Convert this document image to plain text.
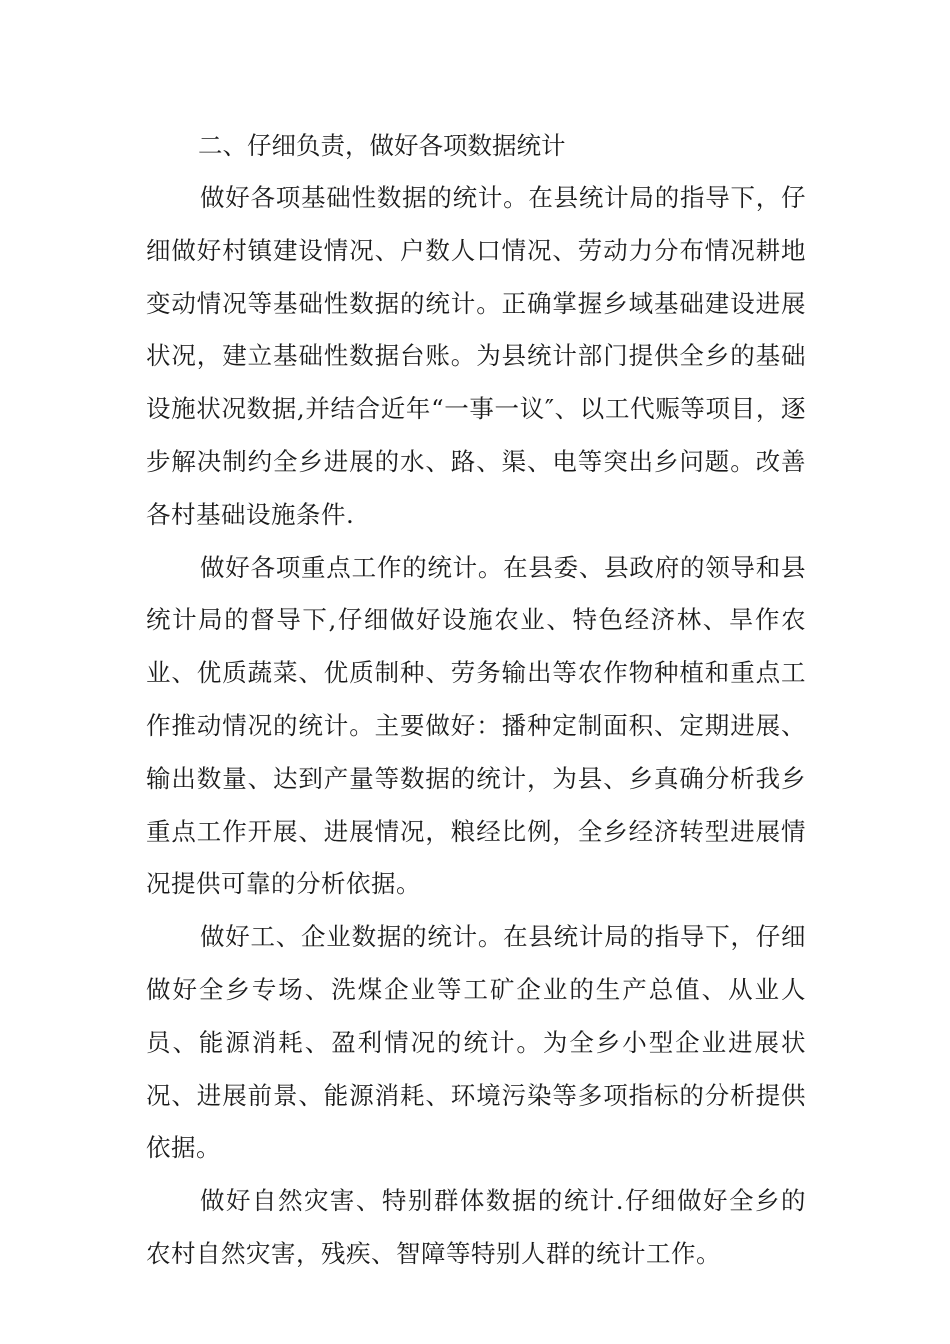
二、仔细负责，做好各项数据统计

做好各项基础性数据的统计。在县统计局的指导下，仔细做好村镇建设情况、户数人口情况、劳动力分布情况耕地变动情况等基础性数据的统计。正确掌握乡域基础建设进展状况，建立基础性数据台账。为县统计部门提供全乡的基础设施状况数据,并结合近年“一事一议″、以工代赈等项目，逐步解决制约全乡进展的水、路、渠、电等突出乡问题。改善各村基础设施条件.

做好各项重点工作的统计。在县委、县政府的领导和县统计局的督导下,仔细做好设施农业、特色经济林、旱作农业、优质蔬菜、优质制种、劳务输出等农作物种植和重点工作推动情况的统计。主要做好：播种定制面积、定期进展、输出数量、达到产量等数据的统计，为县、乡真确分析我乡重点工作开展、进展情况，粮经比例，全乡经济转型进展情况提供可靠的分析依据。

做好工、企业数据的统计。在县统计局的指导下，仔细做好全乡专场、洗煤企业等工矿企业的生产总值、从业人员、能源消耗、盈利情况的统计。为全乡小型企业进展状况、进展前景、能源消耗、环境污染等多项指标的分析提供依据。

做好自然灾害、特别群体数据的统计.仔细做好全乡的农村自然灾害，残疾、智障等特别人群的统计工作。
